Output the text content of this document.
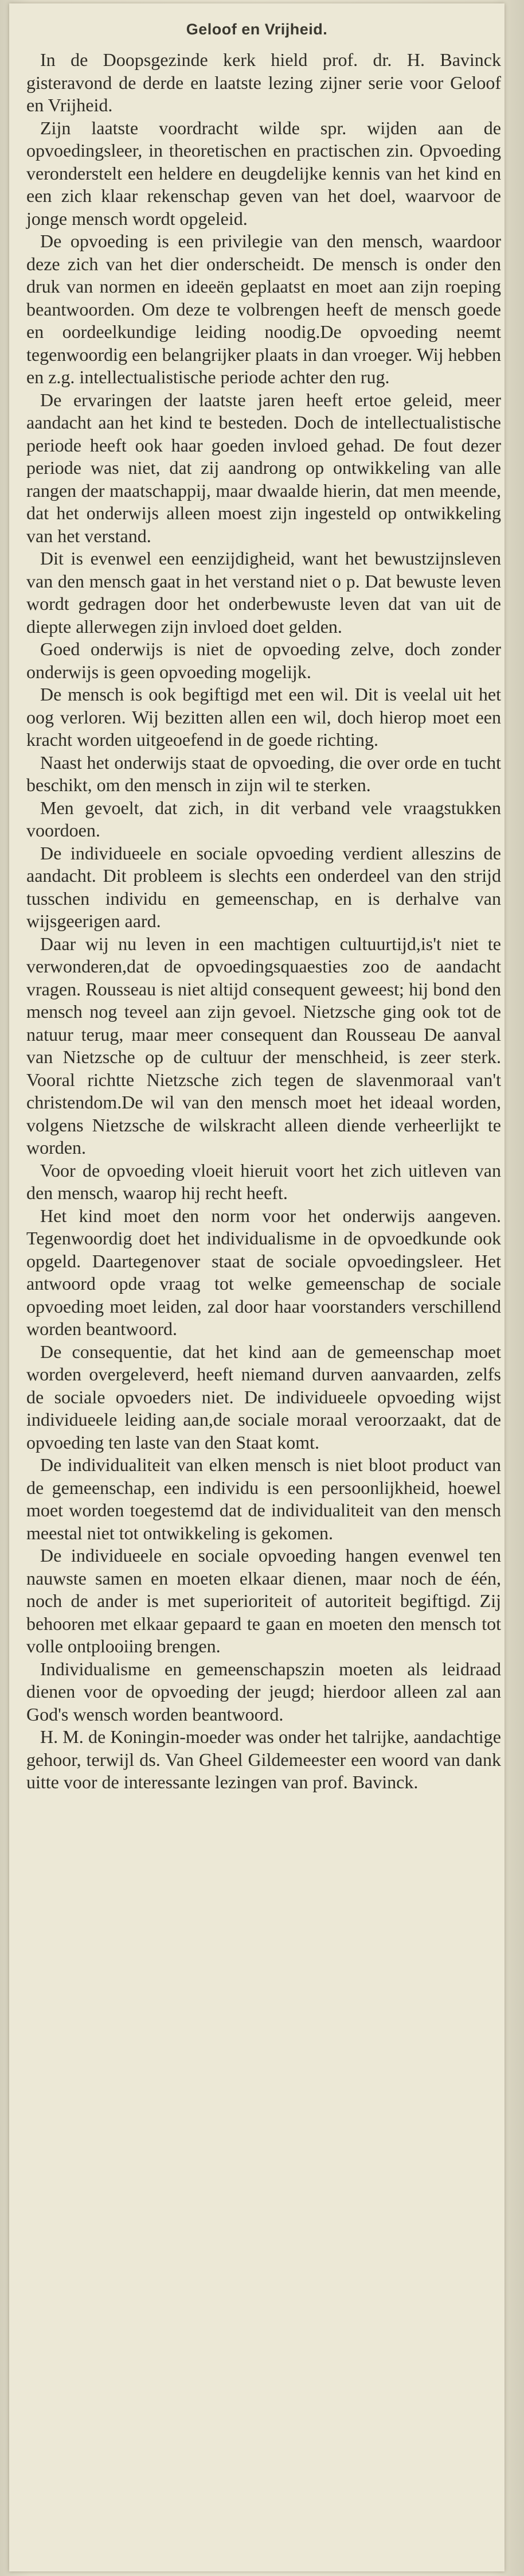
Geloof en Vrijheid.

In de Doopsgezinde kerk hield prof. dr. H. Bavinck gisteravond de derde en laatste lezing zijner serie voor Geloof en Vrijheid.

Zijn laatste voordracht wilde spr. wijden aan de opvoedingsleer, in theoretischen en practischen zin. Opvoeding veronderstelt een heldere en deugdelijke kennis van het kind en een zich klaar rekenschap geven van het doel, waarvoor de jonge mensch wordt opgeleid.

De opvoeding is een privilegie van den mensch, waardoor deze zich van het dier onderscheidt. De mensch is onder den druk van normen en ideeën geplaatst en moet aan zijn roeping beantwoorden. Om deze te volbrengen heeft de mensch goede en oordeelkundige leiding noodig.De opvoeding neemt tegenwoordig een belangrijker plaats in dan vroeger. Wij hebben en z.g. intellectualistische periode achter den rug.

De ervaringen der laatste jaren heeft ertoe geleid, meer aandacht aan het kind te besteden. Doch de intellectualistische periode heeft ook haar goeden invloed gehad. De fout dezer periode was niet, dat zij aandrong op ontwikkeling van alle rangen der maatschappij, maar dwaalde hierin, dat men meende, dat het onderwijs alleen moest zijn ingesteld op ontwikkeling van het verstand.

Dit is evenwel een eenzijdigheid, want het bewustzijnsleven van den mensch gaat in het verstand niet o p. Dat bewuste leven wordt gedragen door het onderbewuste leven dat van uit de diepte allerwegen zijn invloed doet gelden.

Goed onderwijs is niet de opvoeding zelve, doch zonder onderwijs is geen opvoeding mogelijk.

De mensch is ook begiftigd met een wil. Dit is veelal uit het oog verloren. Wij bezitten allen een wil, doch hierop moet een kracht worden uitgeoefend in de goede richting.

Naast het onderwijs staat de opvoeding, die over orde en tucht beschikt, om den mensch in zijn wil te sterken.

Men gevoelt, dat zich, in dit verband vele vraagstukken voordoen.

De individueele en sociale opvoeding verdient alleszins de aandacht. Dit probleem is slechts een onderdeel van den strijd tusschen individu en gemeenschap, en is derhalve van wijsgeerigen aard.

Daar wij nu leven in een machtigen cultuurtijd,is't niet te verwonderen,dat de opvoedingsquaesties zoo de aandacht vragen. Rousseau is niet altijd consequent geweest; hij bond den mensch nog teveel aan zijn gevoel. Nietzsche ging ook tot de natuur terug, maar meer consequent dan Rousseau De aanval van Nietzsche op de cultuur der menschheid, is zeer sterk. Vooral richtte Nietzsche zich tegen de slavenmoraal van't christendom.De wil van den mensch moet het ideaal worden, volgens Nietzsche de wilskracht alleen diende verheerlijkt te worden.

Voor de opvoeding vloeit hieruit voort het zich uitleven van den mensch, waarop hij recht heeft.

Het kind moet den norm voor het onderwijs aangeven. Tegenwoordig doet het individualisme in de opvoedkunde ook opgeld. Daartegenover staat de sociale opvoedingsleer. Het antwoord opde vraag tot welke gemeenschap de sociale opvoeding moet leiden, zal door haar voorstanders verschillend worden beantwoord.

De consequentie, dat het kind aan de gemeenschap moet worden overgeleverd, heeft niemand durven aanvaarden, zelfs de sociale opvoeders niet. De individueele opvoeding wijst individueele leiding aan,de sociale moraal veroorzaakt, dat de opvoeding ten laste van den Staat komt.

De individualiteit van elken mensch is niet bloot product van de gemeenschap, een individu is een persoonlijkheid, hoewel moet worden toegestemd dat de individualiteit van den mensch meestal niet tot ontwikkeling is gekomen.

De individueele en sociale opvoeding hangen evenwel ten nauwste samen en moeten elkaar dienen, maar noch de één, noch de ander is met superioriteit of autoriteit begiftigd. Zij behooren met elkaar gepaard te gaan en moeten den mensch tot volle ontplooiing brengen.

Individualisme en gemeenschapszin moeten als leidraad dienen voor de opvoeding der jeugd; hierdoor alleen zal aan God's wensch worden beantwoord.

H. M. de Koningin-moeder was onder het talrijke, aandachtige gehoor, terwijl ds. Van Gheel Gildemeester een woord van dank uitte voor de interessante lezingen van prof. Bavinck.
